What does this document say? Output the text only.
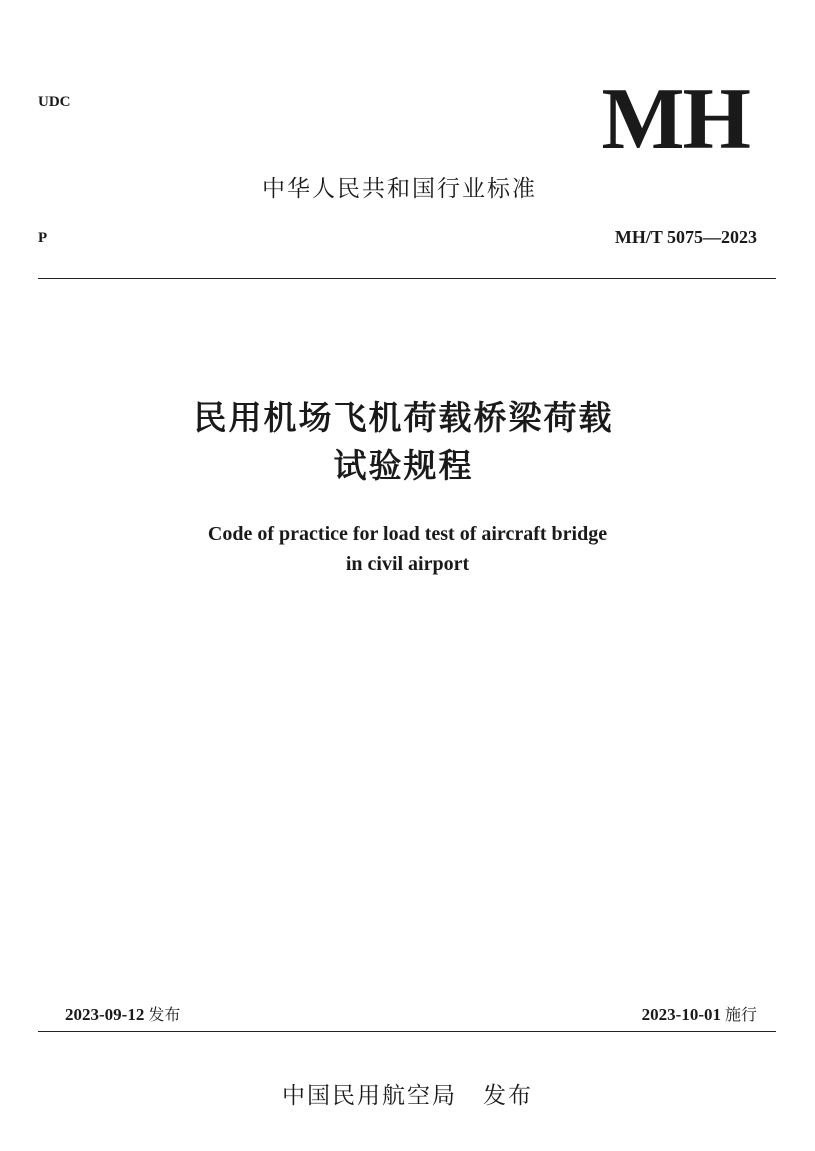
UDC	MH
中华人民共和国行业标准
P	MH/T 5075—2023
民用机场飞机荷载桥梁荷载
试验规程
Code of practice for load test of aircraft bridge
in civil airport
2023-09-12 发布	2023-10-01 施行
中国民用航空局 发布
